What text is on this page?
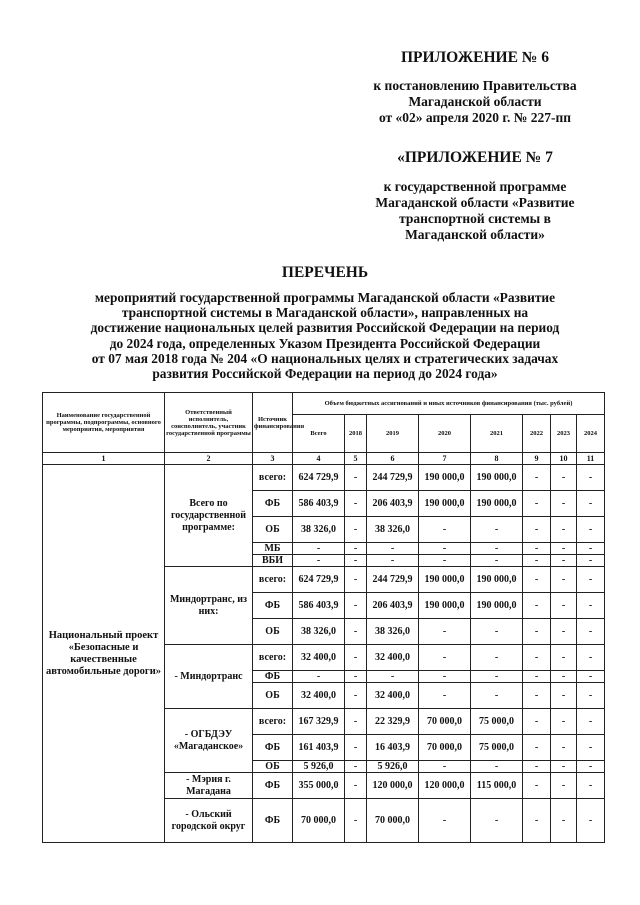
ПРИЛОЖЕНИЕ № 6
к постановлению Правительства
Магаданской области
от «02» апреля 2020 г. № 227-пп
«ПРИЛОЖЕНИЕ № 7
к государственной программе
Магаданской области «Развитие
транспортной системы в
Магаданской области»
ПЕРЕЧЕНЬ
мероприятий государственной программы Магаданской области «Развитие
транспортной системы в Магаданской области», направленных на
достижение национальных целей развития Российской Федерации на период
до 2024 года, определенных Указом Президента Российской Федерации
от 07 мая 2018 года № 204 «О национальных целях и стратегических задачах
развития Российской Федерации на период до 2024 года»
Наименование государственной программы, подпрограммы, основного мероприятия, мероприятия	Ответственный исполнитель, соисполнитель, участник государственной программы	Источник финансирования	Объем бюджетных ассигнований и иных источников финансирования (тыс. рублей)							
			Всего	2018	2019	2020	2021	2022	2023	2024
1	2	3	4	5	6	7	8	9	10	11
Национальный проект «Безопасные и качественные автомобильные дороги»	Всего по государственной программе:	всего:	624 729,9	-	244 729,9	190 000,0	190 000,0	-	-	-
		ФБ	586 403,9	-	206 403,9	190 000,0	190 000,0	-	-	-
		ОБ	38 326,0	-	38 326,0	-	-	-	-	-
		МБ	-	-	-	-	-	-	-	-
		ВБИ	-	-	-	-	-	-	-	-
	Миндортранс, из них:	всего:	624 729,9	-	244 729,9	190 000,0	190 000,0	-	-	-
		ФБ	586 403,9	-	206 403,9	190 000,0	190 000,0	-	-	-
		ОБ	38 326,0	-	38 326,0	-	-	-	-	-
	- Миндортранс	всего:	32 400,0	-	32 400,0	-	-	-	-	-
		ФБ	-	-	-	-	-	-	-	-
		ОБ	32 400,0	-	32 400,0	-	-	-	-	-
	- ОГБДЭУ «Магаданское»	всего:	167 329,9	-	22 329,9	70 000,0	75 000,0	-	-	-
		ФБ	161 403,9	-	16 403,9	70 000,0	75 000,0	-	-	-
		ОБ	5 926,0	-	5 926,0	-	-	-	-	-
	- Мэрия г. Магадана	ФБ	355 000,0	-	120 000,0	120 000,0	115 000,0	-	-	-
	- Ольский городской округ	ФБ	70 000,0	-	70 000,0	-	-	-	-	-
